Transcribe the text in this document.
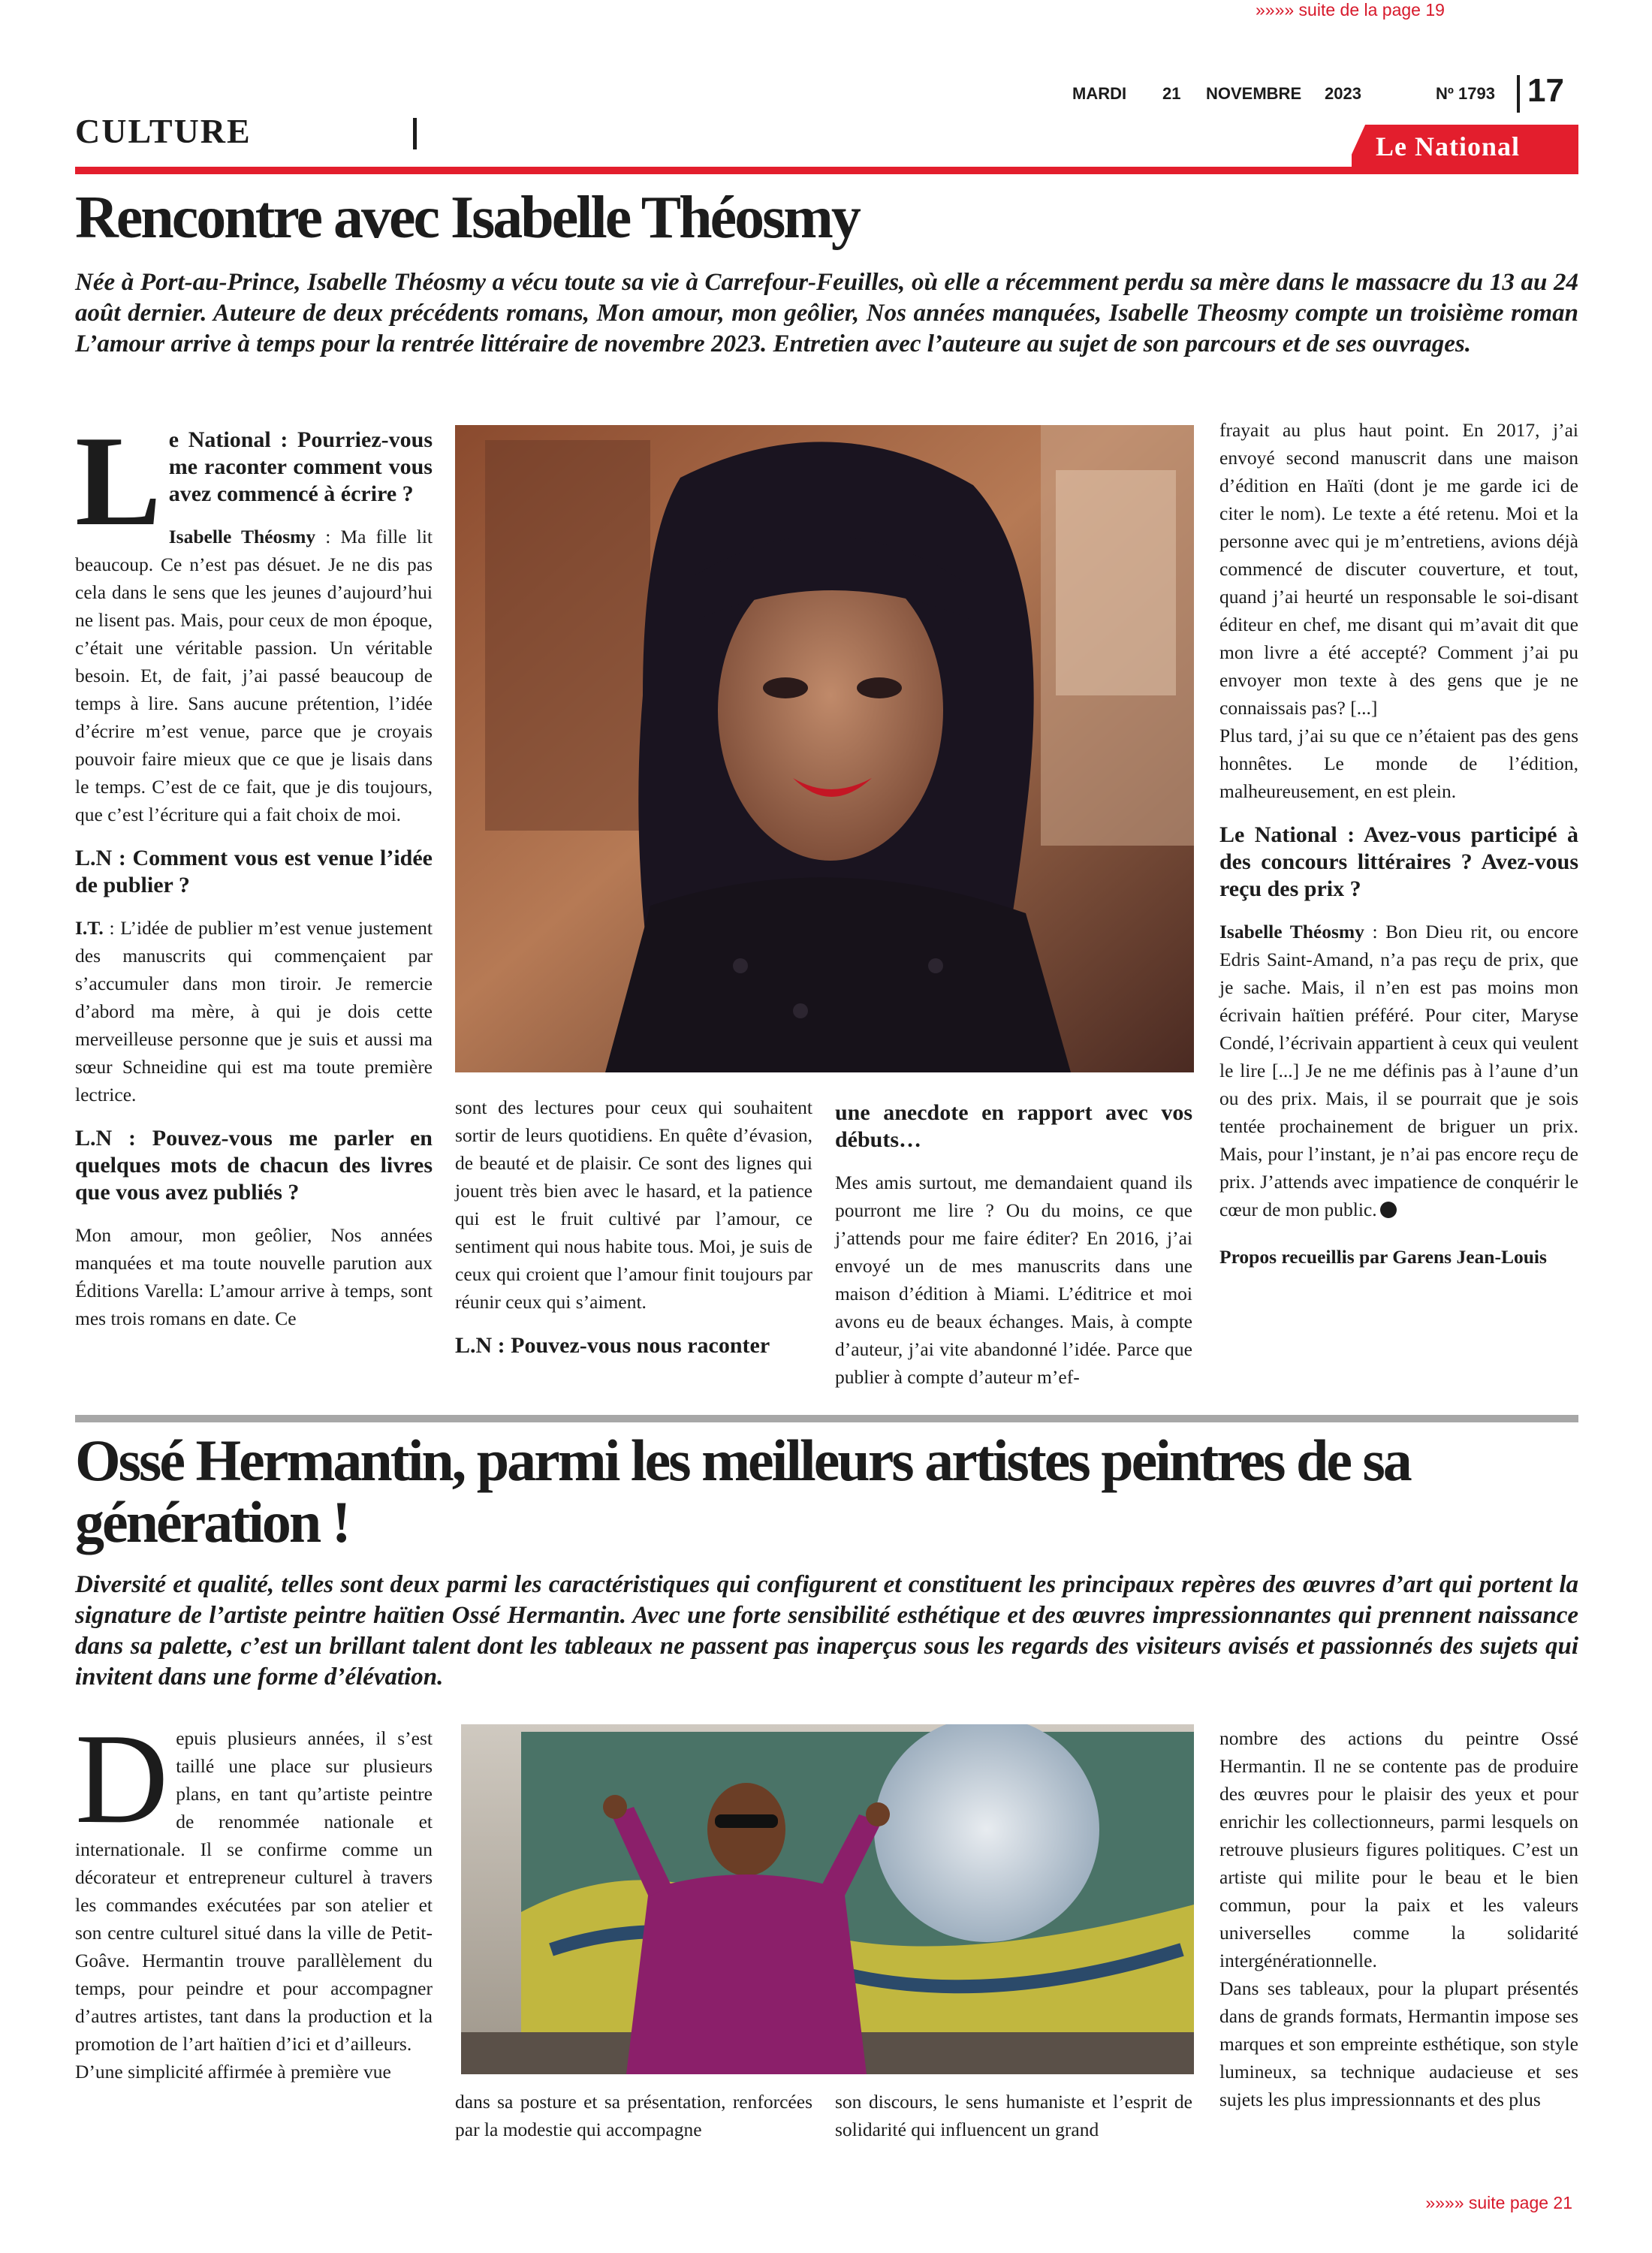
»»»» suite de la page 19
MARDI 21 NOVEMBRE 2023	Nº 1793 17
CULTURE	Le National
Rencontre avec Isabelle Théosmy
Née à Port-au-Prince, Isabelle Théosmy a vécu toute sa vie à Carrefour-Feuilles, où elle a récemment perdu sa mère dans le massacre du 13 au 24 août dernier. Auteure de deux précédents romans, Mon amour, mon geôlier, Nos années manquées, Isabelle Theosmy compte un troisième roman L’amour arrive à temps pour la rentrée littéraire de novembre 2023. Entretien avec l’auteure au sujet de son parcours et de ses ouvrages.
L e National : Pourriez-vous me raconter comment vous avez commencé à écrire ?

Isabelle Théosmy : Ma fille lit beaucoup. Ce n’est pas désuet. Je ne dis pas cela dans le sens que les jeunes d’aujourd’hui ne lisent pas. Mais, pour ceux de mon époque, c’était une véritable passion. Un véritable besoin. Et, de fait, j’ai passé beaucoup de temps à lire. Sans aucune prétention, l’idée d’écrire m’est venue, parce que je croyais pouvoir faire mieux que ce que je lisais dans le temps. C’est de ce fait, que je dis toujours, que c’est l’écriture qui a fait choix de moi.

L.N : Comment vous est venue l’idée de publier ?

I.T. : L’idée de publier m’est venue justement des manuscrits qui commençaient par s’accumuler dans mon tiroir. Je remercie d’abord ma mère, à qui je dois cette merveilleuse personne que je suis et aussi ma sœur Schneidine qui est ma toute première lectrice.

L.N : Pouvez-vous me parler en quelques mots de chacun des livres que vous avez publiés ?

Mon amour, mon geôlier, Nos années manquées et ma toute nouvelle parution aux Éditions Varella: L’amour arrive à temps, sont mes trois romans en date. Ce

sont des lectures pour ceux qui souhaitent sortir de leurs quotidiens. En quête d’évasion, de beauté et de plaisir. Ce sont des lignes qui jouent très bien avec le hasard, et la patience qui est le fruit cultivé par l’amour, ce sentiment qui nous habite tous. Moi, je suis de ceux qui croient que l’amour finit toujours par réunir ceux qui s’aiment.

L.N : Pouvez-vous nous raconter
une anecdote en rapport avec vos débuts…

Mes amis surtout, me demandaient quand ils pourront me lire ? Ou du moins, ce que j’attends pour me faire éditer? En 2016, j’ai envoyé un de mes manuscrits dans une maison d’édition à Miami. L’éditrice et moi avons eu de beaux échanges. Mais, à compte d’auteur, j’ai vite abandonné l’idée. Parce que publier à compte d’auteur m’ef-

frayait au plus haut point. En 2017, j’ai envoyé second manuscrit dans une maison d’édition en Haïti (dont je me garde ici de citer le nom). Le texte a été retenu. Moi et la personne avec qui je m’entretiens, avions déjà commencé de discuter couverture, et tout, quand j’ai heurté un responsable le soi-disant éditeur en chef, me disant qui m’avait dit que mon livre a été accepté? Comment j’ai pu envoyer mon texte à des gens que je ne connaissais pas? [...]

Plus tard, j’ai su que ce n’étaient pas des gens honnêtes. Le monde de l’édition, malheureusement, en est plein.

Le National : Avez-vous participé à des concours littéraires ? Avez-vous reçu des prix ?

Isabelle Théosmy : Bon Dieu rit, ou encore Edris Saint-Amand, n’a pas reçu de prix, que je sache. Mais, il n’en est pas moins mon écrivain haïtien préféré. Pour citer, Maryse Condé, l’écrivain appartient à ceux qui veulent le lire [...] Je ne me définis pas à l’aune d’un ou des prix. Mais, il se pourrait que je sois tentée prochainement de briguer un prix. Mais, pour l’instant, je n’ai pas encore reçu de prix. J’attends avec impatience de conquérir le cœur de mon public.

Propos recueillis par Garens Jean-Louis

Ossé Hermantin, parmi les meilleurs artistes peintres de sa génération !
Diversité et qualité, telles sont deux parmi les caractéristiques qui configurent et constituent les principaux repères des œuvres d’art qui portent la signature de l’artiste peintre haïtien Ossé Hermantin. Avec une forte sensibilité esthétique et des œuvres impressionnantes qui prennent naissance dans sa palette, c’est un brillant talent dont les tableaux ne passent pas inaperçus sous les regards des visiteurs avisés et passionnés des sujets qui invitent dans une forme d’élévation.

D epuis plusieurs années, il s’est taillé une place sur plusieurs plans, en tant qu’artiste peintre de renommée nationale et internationale. Il se confirme comme un décorateur et entrepreneur culturel à travers les commandes exécutées par son atelier et son centre culturel situé dans la ville de Petit-Goâve. Hermantin trouve parallèlement du temps, pour peindre et pour accompagner d’autres artistes, tant dans la production et la promotion de l’art haïtien d’ici et d’ailleurs.

D’une simplicité affirmée à première vue

dans sa posture et sa présentation, renforcées par la modestie qui accompagne
son discours, le sens humaniste et l’esprit de solidarité qui influencent un grand

nombre des actions du peintre Ossé Hermantin. Il ne se contente pas de produire des œuvres pour le plaisir des yeux et pour enrichir les collectionneurs, parmi lesquels on retrouve plusieurs figures politiques. C’est un artiste qui milite pour le beau et le bien commun, pour la paix et les valeurs universelles comme la solidarité intergénérationnelle.

Dans ses tableaux, pour la plupart présentés dans de grands formats, Hermantin impose ses marques et son empreinte esthétique, son style lumineux, sa technique audacieuse et ses sujets les plus impressionnants et des plus

»»»» suite page 21
